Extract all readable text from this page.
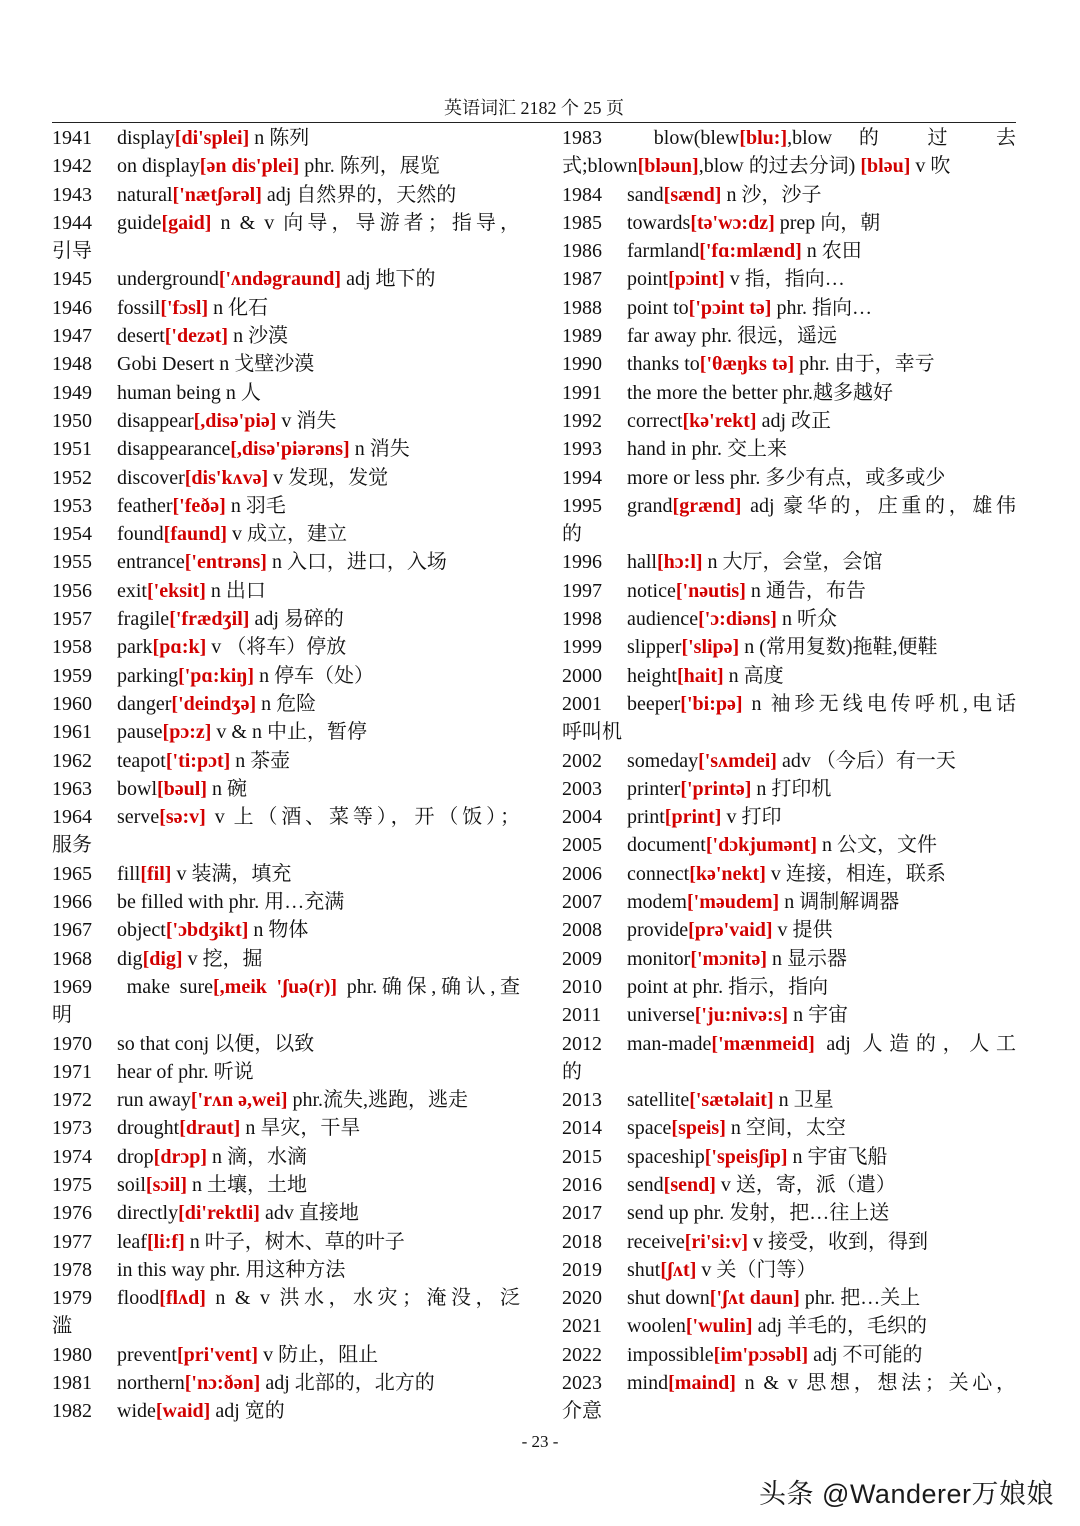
英语词汇 2182 个 25 页
1941 display[di'splei] n 陈列
1942 on display[ən dis'plei] phr. 陈列，展览
1943 natural['nætʃərəl] adj 自然界的，天然的
1944 guide[gaid] n & v 向导，导游者；指导，
引导
1945 underground['ʌndəgraund] adj 地下的
1946 fossil['fɔsl] n 化石
1947 desert['dezət] n 沙漠
1948 Gobi Desert n 戈壁沙漠
1949 human being n 人
1950 disappear[,disə'piə] v 消失
1951 disappearance[,disə'piərəns] n 消失
1952 discover[dis'kʌvə] v 发现，发觉
1953 feather['feðə] n 羽毛
1954 found[faund] v 成立，建立
1955 entrance['entrəns] n 入口，进口，入场
1956 exit['eksit] n 出口
1957 fragile['frædʒil] adj 易碎的
1958 park[pɑ:k] v （将车）停放
1959 parking['pɑ:kiŋ] n 停车（处）
1960 danger['deindʒə] n 危险
1961 pause[pɔ:z] v & n 中止，暂停
1962 teapot['ti:pɔt] n 茶壶
1963 bowl[bəul] n 碗
1964 serve[sə:v] v 上（酒、菜等），开（饭）；
服务
1965 fill[fil] v 装满，填充
1966 be filled with phr. 用…充满
1967 object['ɔbdʒikt] n 物体
1968 dig[dig] v 挖，掘
1969 make sure[,meik 'ʃuə(r)] phr.确保,确认,查
明
1970 so that conj 以便，以致
1971 hear of phr. 听说
1972 run away['rʌn ə,wei] phr.流失,逃跑，逃走
1973 drought[draut] n 旱灾，干旱
1974 drop[drɔp] n 滴，水滴
1975 soil[sɔil] n 土壤，土地
1976 directly[di'rektli] adv 直接地
1977 leaf[li:f] n 叶子，树木、草的叶子
1978 in this way phr. 用这种方法
1979 flood[flʌd] n & v 洪水，水灾；淹没，泛
滥
1980 prevent[pri'vent] v 防止，阻止
1981 northern['nɔ:ðən] adj 北部的，北方的
1982 wide[waid] adj 宽的
1983 blow(blew[blu:],blow 的 过 去
式;blown[bləun],blow 的过去分词) [bləu] v 吹
1984 sand[sænd] n 沙，沙子
1985 towards[tə'wɔ:dz] prep 向，朝
1986 farmland['fɑ:mlænd] n 农田
1987 point[pɔint] v 指，指向…
1988 point to['pɔint tə] phr. 指向…
1989 far away phr. 很远，遥远
1990 thanks to['θæŋks tə] phr. 由于，幸亏
1991 the more the better phr.越多越好
1992 correct[kə'rekt] adj 改正
1993 hand in phr. 交上来
1994 more or less phr. 多少有点，或多或少
1995 grand[grænd] adj 豪华的，庄重的，雄伟
的
1996 hall[hɔ:l] n 大厅，会堂，会馆
1997 notice['nəutis] n 通告，布告
1998 audience['ɔ:diəns] n 听众
1999 slipper['slipə] n (常用复数)拖鞋,便鞋
2000 height[hait] n 高度
2001 beeper['bi:pə] n 袖珍无线电传呼机,电话
呼叫机
2002 someday['sʌmdei] adv （今后）有一天
2003 printer['printə] n 打印机
2004 print[print] v 打印
2005 document['dɔkjumənt] n 公文，文件
2006 connect[kə'nekt] v 连接，相连，联系
2007 modem['məudem] n 调制解调器
2008 provide[prə'vaid] v 提供
2009 monitor['mɔnitə] n 显示器
2010 point at phr. 指示，指向
2011 universe['ju:nivə:s] n 宇宙
2012 man-made['mænmeid] adj 人造的，人工
的
2013 satellite['sætəlait] n 卫星
2014 space[speis] n 空间，太空
2015 spaceship['speisʃip] n 宇宙飞船
2016 send[send] v 送，寄，派（遣）
2017 send up phr. 发射，把…往上送
2018 receive[ri'si:v] v 接受，收到，得到
2019 shut[ʃʌt] v 关（门等）
2020 shut down['ʃʌt daun] phr. 把…关上
2021 woolen['wulin] adj 羊毛的，毛织的
2022 impossible[im'pɔsəbl] adj 不可能的
2023 mind[maind] n & v 思想，想法；关心，
介意
- 23 -
头条 @Wanderer万娘娘
